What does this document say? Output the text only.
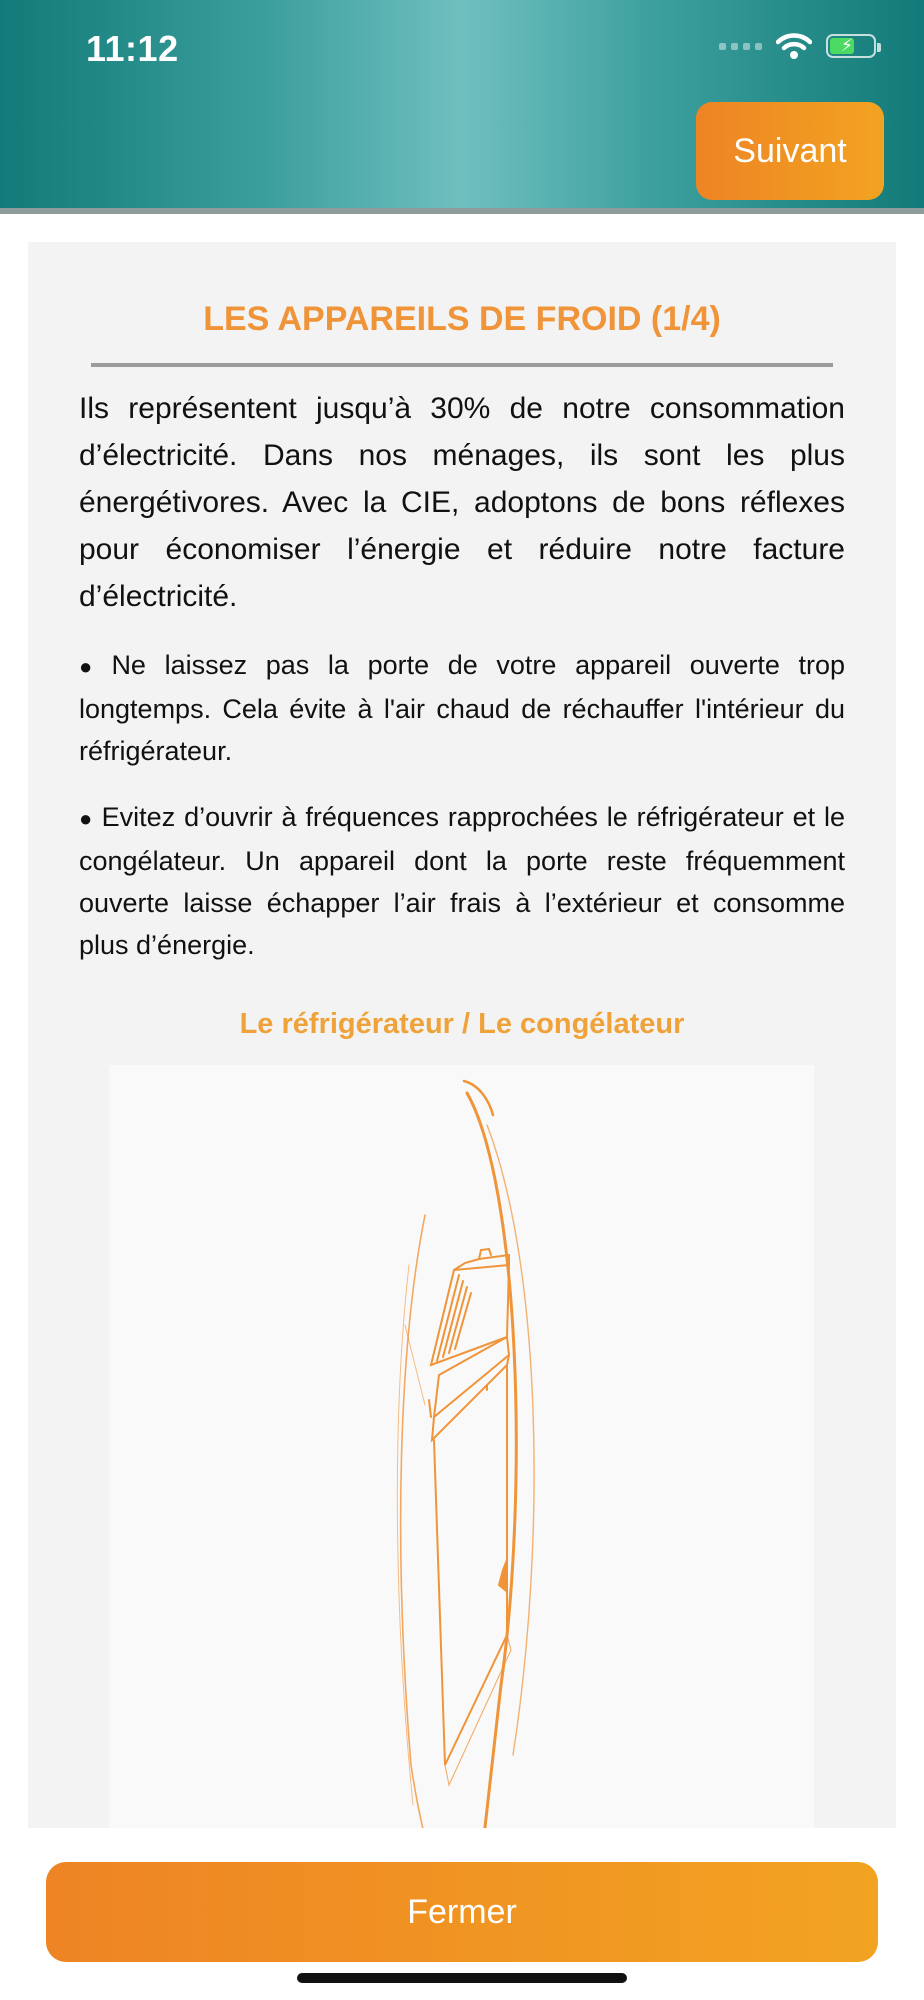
11:12	⚡
Suivant
LES APPAREILS DE FROID (1/4)

Ils représentent jusqu’à 30% de notre consommation d’électricité. Dans nos ménages, ils sont les plus énergétivores. Avec la CIE, adoptons de bons réflexes pour économiser l’énergie et réduire notre facture d’électricité.

● Ne laissez pas la porte de votre appareil ouverte trop longtemps. Cela évite à l'air chaud de réchauffer l'intérieur du réfrigérateur.

● Evitez d’ouvrir à fréquences rapprochées le réfrigérateur et le congélateur. Un appareil dont la porte reste fréquemment ouverte laisse échapper l’air frais à l’extérieur et consomme plus d’énergie.

Le réfrigérateur / Le congélateur
Fermer
